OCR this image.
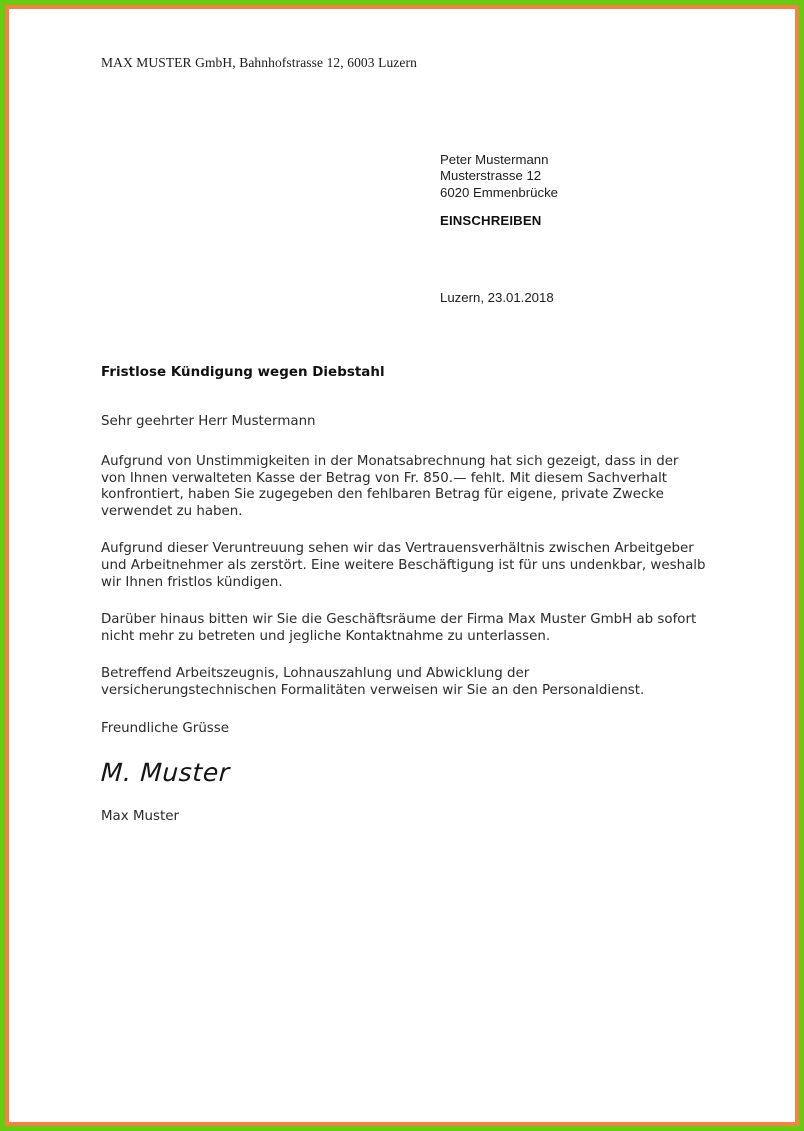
MAX MUSTER GmbH, Bahnhofstrasse 12, 6003 Luzern
Peter Mustermann
Musterstrasse 12
6020 Emmenbrücke
EINSCHREIBEN
Luzern, 23.01.2018

Fristlose Kündigung wegen Diebstahl

Sehr geehrter Herr Mustermann

Aufgrund von Unstimmigkeiten in der Monatsabrechnung hat sich gezeigt, dass in der von Ihnen verwalteten Kasse der Betrag von Fr. 850.— fehlt. Mit diesem Sachverhalt konfrontiert, haben Sie zugegeben den fehlbaren Betrag für eigene, private Zwecke verwendet zu haben.

Aufgrund dieser Veruntreuung sehen wir das Vertrauensverhältnis zwischen Arbeitgeber und Arbeitnehmer als zerstört. Eine weitere Beschäftigung ist für uns undenkbar, weshalb wir Ihnen fristlos kündigen.

Darüber hinaus bitten wir Sie die Geschäftsräume der Firma Max Muster GmbH ab sofort nicht mehr zu betreten und jegliche Kontaktnahme zu unterlassen.

Betreffend Arbeitszeugnis, Lohnauszahlung und Abwicklung der versicherungstechnischen Formalitäten verweisen wir Sie an den Personaldienst.

Freundliche Grüsse

M. Muster

Max Muster
